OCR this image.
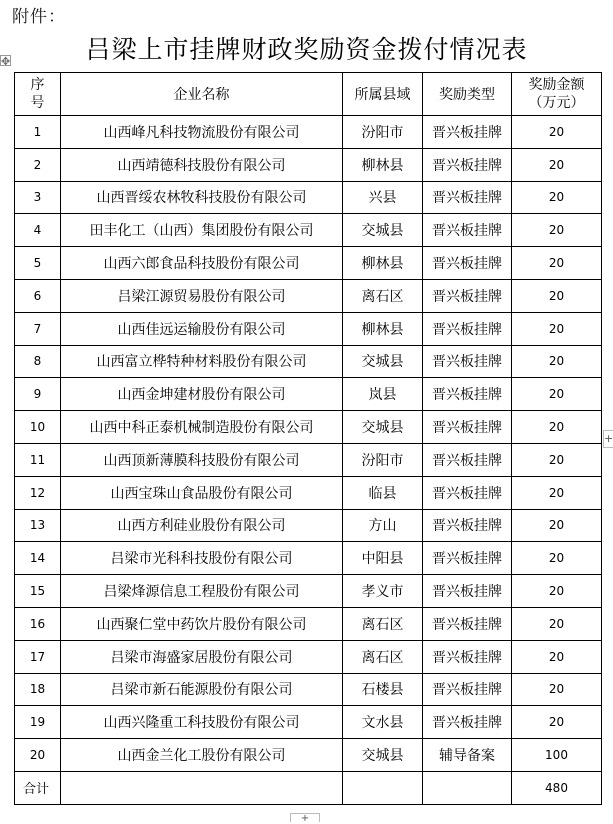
附件：
✥	吕梁上市挂牌财政奖励资金拨付情况表
序号	企业名称	所属县域	奖励类型	奖励金额（万元）
1	山西峰凡科技物流股份有限公司	汾阳市	晋兴板挂牌	20
2	山西靖德科技股份有限公司	柳林县	晋兴板挂牌	20
3	山西晋绥农林牧科技股份有限公司	兴县	晋兴板挂牌	20
4	田丰化工（山西）集团股份有限公司	交城县	晋兴板挂牌	20
5	山西六郎食品科技股份有限公司	柳林县	晋兴板挂牌	20
6	吕梁江源贸易股份有限公司	离石区	晋兴板挂牌	20
7	山西佳远运输股份有限公司	柳林县	晋兴板挂牌	20
8	山西富立桦特种材料股份有限公司	交城县	晋兴板挂牌	20
9	山西金坤建材股份有限公司	岚县	晋兴板挂牌	20
10	山西中科正泰机械制造股份有限公司	交城县	晋兴板挂牌	20
11	山西顶新薄膜科技股份有限公司	汾阳市	晋兴板挂牌	20
12	山西宝珠山食品股份有限公司	临县	晋兴板挂牌	20
13	山西方利硅业股份有限公司	方山	晋兴板挂牌	20
14	吕梁市光科科技股份有限公司	中阳县	晋兴板挂牌	20
15	吕梁烽源信息工程股份有限公司	孝义市	晋兴板挂牌	20
16	山西聚仁堂中药饮片股份有限公司	离石区	晋兴板挂牌	20
17	吕梁市海盛家居股份有限公司	离石区	晋兴板挂牌	20
18	吕梁市新石能源股份有限公司	石楼县	晋兴板挂牌	20
19	山西兴隆重工科技股份有限公司	文水县	晋兴板挂牌	20
20	山西金兰化工股份有限公司	交城县	辅导备案	100
合计				480
+
+
